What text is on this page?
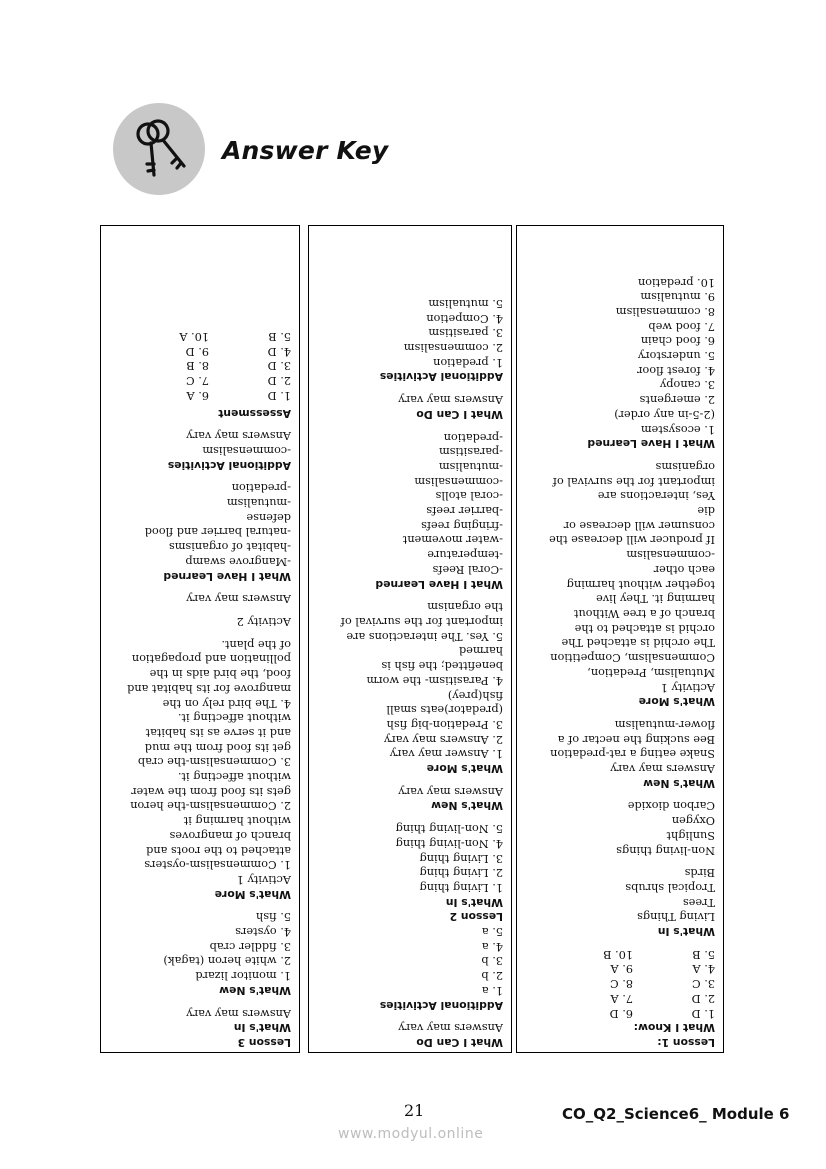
Answer Key
Lesson 1:
What I Know:
1. D
6. D
2. D
7. A
3. C
8. C
4. A
9. A
5. B
10. B
What's In
Living Things
Trees
Tropical shrubs
Birds
Non-living things
Sunlight
Oxygen
Carbon dioxide
What's New
Answers may vary
Snake eating a rat-predation
Bee sucking the nectar of a
flower-mutualism
What's More
Activity 1
Mutualism, Predation,
Commensalism, Competition
The orchid is attached The
orchid is attached to the
branch of a tree Without
harming it. They live
together without harming
each other
-commensalism
If producer will decrease the
consumer will decrease or
die
Yes, interactions are
important for the survival of
organisms
What I Have Learned
1. ecosystem
(2-5-in any order)
2. emergents
3. canopy
4. forest floor
5. understory
6. food chain
7. food web
8. commensalism
9. mutualism
10. predation
What I Can Do
Answers may vary
Additional Activities
1. a
2. b
3. b
4. a
5. a
Lesson 2
What's In
1. Living thing
2. Living thing
3. Living thing
4. Non-living thing
5. Non-living thing
What's New
Answers may vary
What's More
1. Answer may vary
2. Answers may vary
3. Predation-big fish
(predator)eats small
fish(prey)
4. Parasitism- the worm
benefitted; the fish is
harmed
5. Yes. The interactions are
important for the survival of
the organism
What I Have Learned
-Coral Reefs
-temperature
-water movement
-fringing reefs
-barrier reefs
-coral atolls
-commensalism
-mutualism
-parasitism
-predation
What I Can Do
Answers may vary
Additional Activities
1. predation
2. commensalism
3. parasitism
4. Competion
5. mutualism
Lesson 3
What's In
Answers may vary
What's New
1. monitor lizard
2. white heron (tagak)
3. fiddler crab
4. oysters
5. fish
What's More
Activity 1
1. Commensalism-oysters
attached to the roots and
branch of mangroves
without harming it
2. Commensalism-the heron
gets its food from the water
without affecting it.
3. Commensalism-the crab
get its food from the mud
and it serve as its habitat
without affecting it.
4. The bird rely on the
mangrove for its habitat and
food, the bird aids in the
pollination and propagation
of the plant.
Activity 2
Answers may vary
What I Have Learned
-Mangrove swamp
-habitat of organisms
-natural barrier and flood
defense
-mutualism
-predation
Additional Activities
-commensalism
Answers may vary
Assessment
1. D
6. A
2. D
7. C
3. D
8. B
4. D
9. D
5. B
10. A
21	CO_Q2_Science6_ Module 6
www.modyul.online
